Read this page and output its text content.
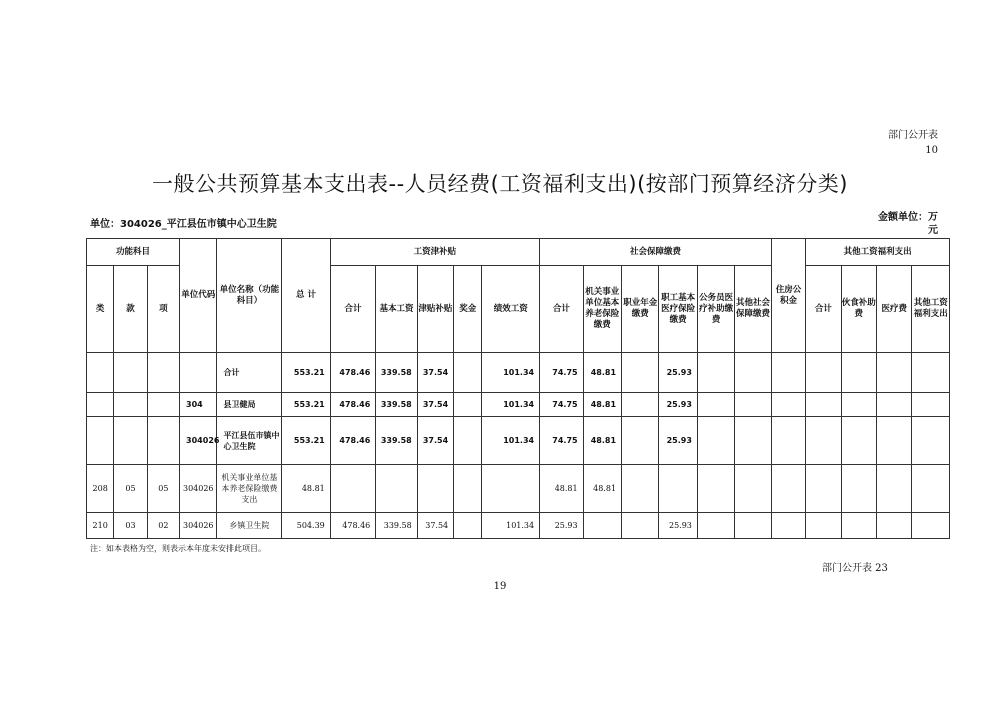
部门公开表
10
一般公共预算基本支出表--人员经费(工资福利支出)(按部门预算经济分类)
单位：304026_平江县伍市镇中心卫生院
金额单位：万
元
功能科目			单位代码	单位名称（功能科目）	总 计	工资津补贴					社会保障缴费						住房公积金	其他工资福利支出			
类	款	项				合计	基本工资	津贴补贴	奖金	绩效工资	合计	机关事业单位基本养老保险缴费	职业年金缴费	职工基本医疗保险缴费	公务员医疗补助缴费	其他社会保障缴费		合计	伙食补助费	医疗费	其他工资福利支出
				合计	553.21	478.46	339.58	37.54		101.34	74.75	48.81		25.93							
			304	县卫健局	553.21	478.46	339.58	37.54		101.34	74.75	48.81		25.93							
			304026	平江县伍市镇中心卫生院	553.21	478.46	339.58	37.54		101.34	74.75	48.81		25.93							
208	05	05	304026	机关事业单位基本养老保险缴费支出	48.81						48.81	48.81									
210	03	02	304026	乡镇卫生院	504.39	478.46	339.58	37.54		101.34	25.93			25.93							
注：如本表格为空，则表示本年度未安排此项目。
部门公开表 23
19
